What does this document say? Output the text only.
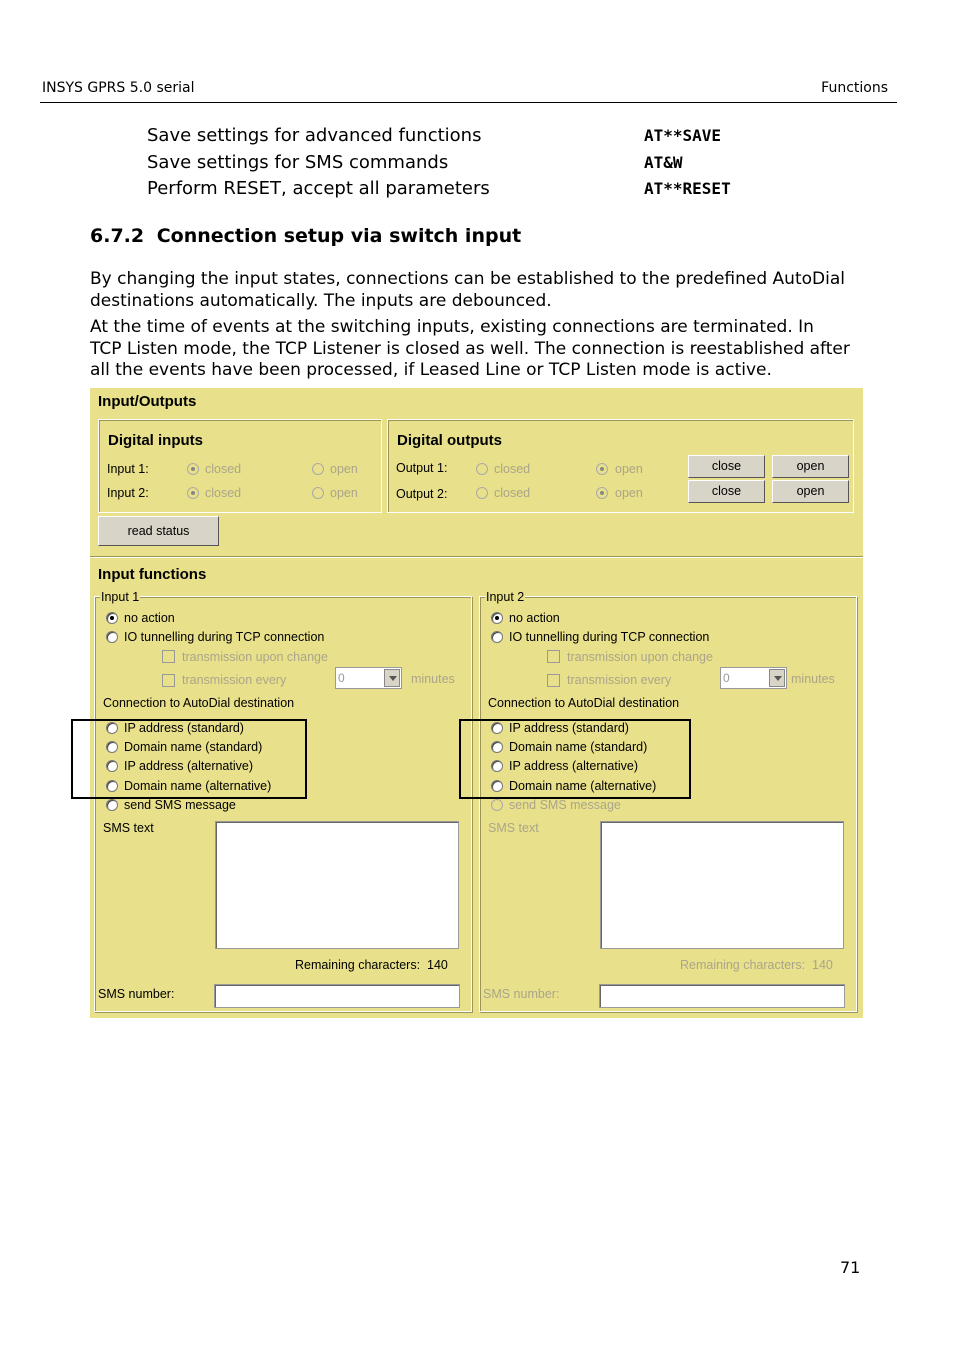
INSYS GPRS 5.0 serial	Functions
Save settings for advanced functions	AT**SAVE
Save settings for SMS commands	AT&W
Perform RESET, accept all parameters	AT**RESET
6.7.2 Connection setup via switch input

By changing the input states, connections can be established to the predefined AutoDial destinations automatically. The inputs are debounced.

At the time of events at the switching inputs, existing connections are terminated. In TCP Listen mode, the TCP Listener is closed as well. The connection is reestablished after all the events have been processed, if Leased Line or TCP Listen mode is active.

Input/Outputs
Digital inputs
Input 1:	closed	open
Input 2:	closed	open
Digital outputs
Output 1:	closed	open	close	open
Output 2:	closed	open	close	open
read status
Input functions
Input 1
no action
IO tunnelling during TCP connection
transmission upon change
transmission every	0	minutes
Connection to AutoDial destination
IP address (standard)
Domain name (standard)
IP address (alternative)
Domain name (alternative)
send SMS message
SMS text
Remaining characters: 140
SMS number:
Input 2
no action
IO tunnelling during TCP connection
transmission upon change
transmission every	0	minutes
Connection to AutoDial destination
IP address (standard)
Domain name (standard)
IP address (alternative)
Domain name (alternative)
send SMS message
SMS text
Remaining characters: 140
SMS number:
71
